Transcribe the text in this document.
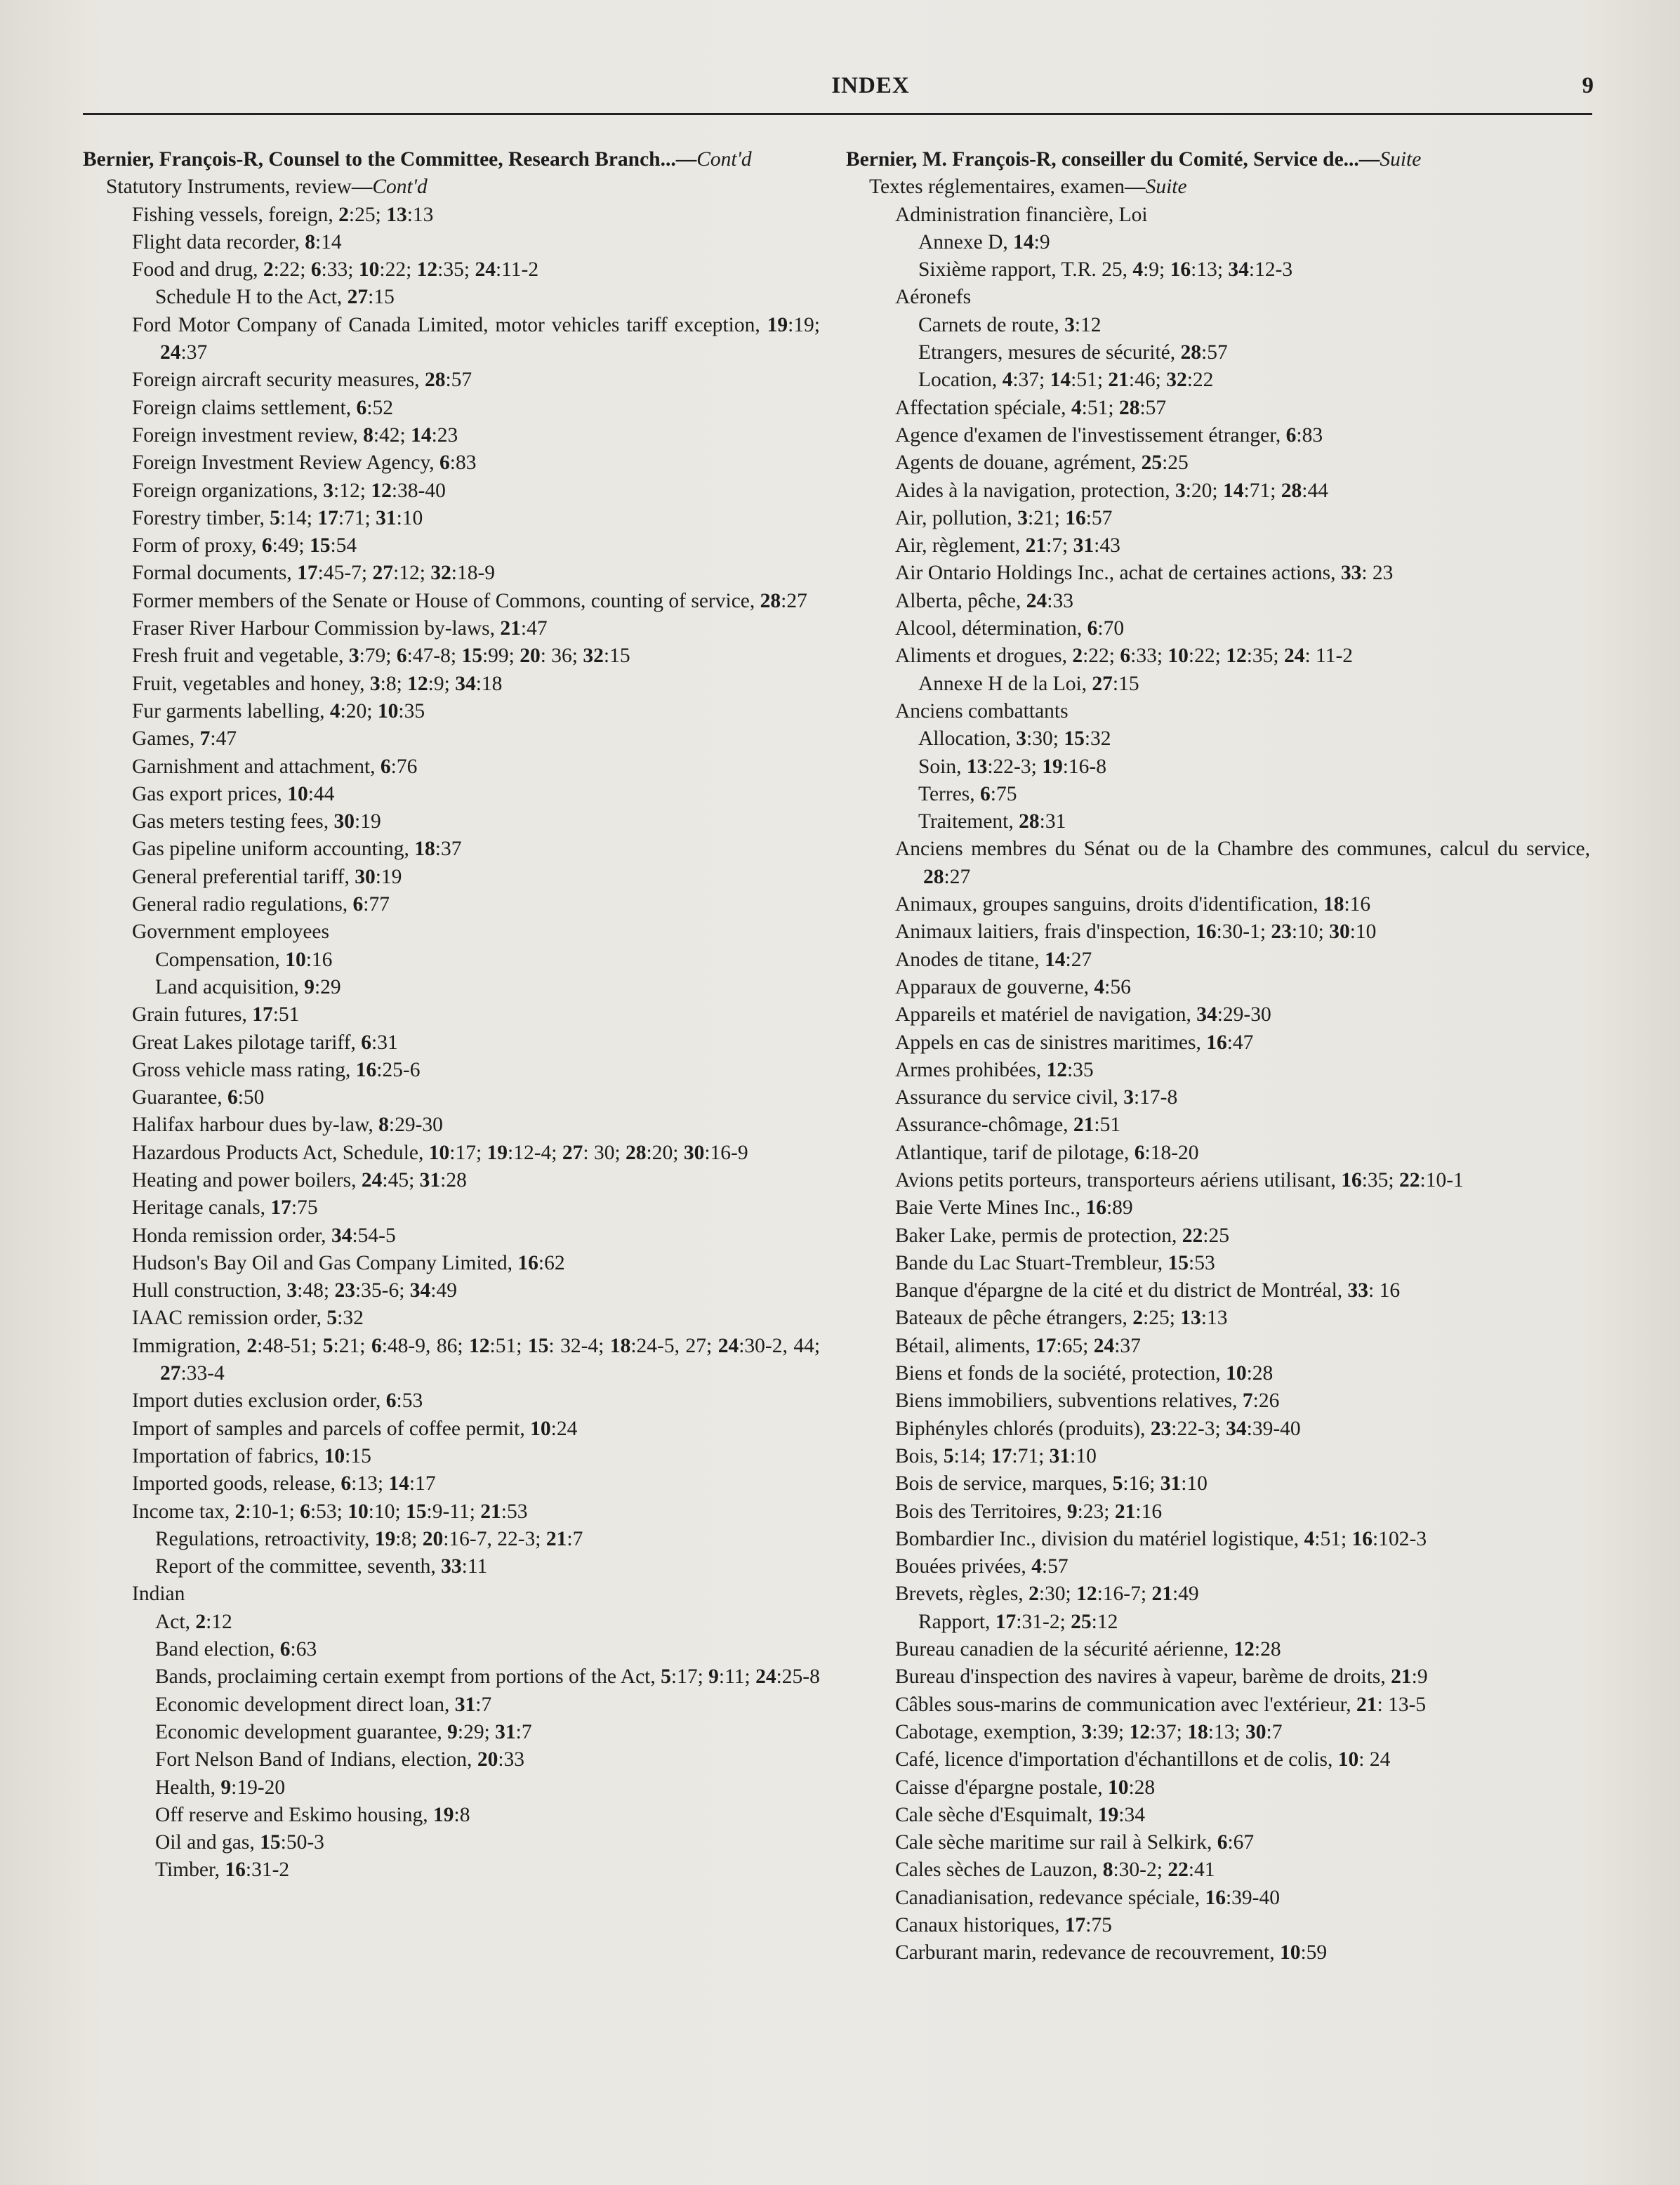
INDEX	9
Bernier, François-R, Counsel to the Committee, Research Branch...—Cont'd
Statutory Instruments, review—Cont'd
Fishing vessels, foreign, 2:25; 13:13
Flight data recorder, 8:14
Food and drug, 2:22; 6:33; 10:22; 12:35; 24:11-2
Schedule H to the Act, 27:15
Ford Motor Company of Canada Limited, motor vehicles tariff exception, 19:19; 24:37
Foreign aircraft security measures, 28:57
Foreign claims settlement, 6:52
Foreign investment review, 8:42; 14:23
Foreign Investment Review Agency, 6:83
Foreign organizations, 3:12; 12:38-40
Forestry timber, 5:14; 17:71; 31:10
Form of proxy, 6:49; 15:54
Formal documents, 17:45-7; 27:12; 32:18-9
Former members of the Senate or House of Commons, counting of service, 28:27
Fraser River Harbour Commission by-laws, 21:47
Fresh fruit and vegetable, 3:79; 6:47-8; 15:99; 20: 36; 32:15
Fruit, vegetables and honey, 3:8; 12:9; 34:18
Fur garments labelling, 4:20; 10:35
Games, 7:47
Garnishment and attachment, 6:76
Gas export prices, 10:44
Gas meters testing fees, 30:19
Gas pipeline uniform accounting, 18:37
General preferential tariff, 30:19
General radio regulations, 6:77
Government employees
Compensation, 10:16
Land acquisition, 9:29
Grain futures, 17:51
Great Lakes pilotage tariff, 6:31
Gross vehicle mass rating, 16:25-6
Guarantee, 6:50
Halifax harbour dues by-law, 8:29-30
Hazardous Products Act, Schedule, 10:17; 19:12-4; 27: 30; 28:20; 30:16-9
Heating and power boilers, 24:45; 31:28
Heritage canals, 17:75
Honda remission order, 34:54-5
Hudson's Bay Oil and Gas Company Limited, 16:62
Hull construction, 3:48; 23:35-6; 34:49
IAAC remission order, 5:32
Immigration, 2:48-51; 5:21; 6:48-9, 86; 12:51; 15: 32-4; 18:24-5, 27; 24:30-2, 44; 27:33-4
Import duties exclusion order, 6:53
Import of samples and parcels of coffee permit, 10:24
Importation of fabrics, 10:15
Imported goods, release, 6:13; 14:17
Income tax, 2:10-1; 6:53; 10:10; 15:9-11; 21:53
Regulations, retroactivity, 19:8; 20:16-7, 22-3; 21:7
Report of the committee, seventh, 33:11
Indian
Act, 2:12
Band election, 6:63
Bands, proclaiming certain exempt from portions of the Act, 5:17; 9:11; 24:25-8
Economic development direct loan, 31:7
Economic development guarantee, 9:29; 31:7
Fort Nelson Band of Indians, election, 20:33
Health, 9:19-20
Off reserve and Eskimo housing, 19:8
Oil and gas, 15:50-3
Timber, 16:31-2
Bernier, M. François-R, conseiller du Comité, Service de...—Suite
Textes réglementaires, examen—Suite
Administration financière, Loi
Annexe D, 14:9
Sixième rapport, T.R. 25, 4:9; 16:13; 34:12-3
Aéronefs
Carnets de route, 3:12
Etrangers, mesures de sécurité, 28:57
Location, 4:37; 14:51; 21:46; 32:22
Affectation spéciale, 4:51; 28:57
Agence d'examen de l'investissement étranger, 6:83
Agents de douane, agrément, 25:25
Aides à la navigation, protection, 3:20; 14:71; 28:44
Air, pollution, 3:21; 16:57
Air, règlement, 21:7; 31:43
Air Ontario Holdings Inc., achat de certaines actions, 33: 23
Alberta, pêche, 24:33
Alcool, détermination, 6:70
Aliments et drogues, 2:22; 6:33; 10:22; 12:35; 24: 11-2
Annexe H de la Loi, 27:15
Anciens combattants
Allocation, 3:30; 15:32
Soin, 13:22-3; 19:16-8
Terres, 6:75
Traitement, 28:31
Anciens membres du Sénat ou de la Chambre des communes, calcul du service, 28:27
Animaux, groupes sanguins, droits d'identification, 18:16
Animaux laitiers, frais d'inspection, 16:30-1; 23:10; 30:10
Anodes de titane, 14:27
Apparaux de gouverne, 4:56
Appareils et matériel de navigation, 34:29-30
Appels en cas de sinistres maritimes, 16:47
Armes prohibées, 12:35
Assurance du service civil, 3:17-8
Assurance-chômage, 21:51
Atlantique, tarif de pilotage, 6:18-20
Avions petits porteurs, transporteurs aériens utilisant, 16:35; 22:10-1
Baie Verte Mines Inc., 16:89
Baker Lake, permis de protection, 22:25
Bande du Lac Stuart-Trembleur, 15:53
Banque d'épargne de la cité et du district de Montréal, 33: 16
Bateaux de pêche étrangers, 2:25; 13:13
Bétail, aliments, 17:65; 24:37
Biens et fonds de la société, protection, 10:28
Biens immobiliers, subventions relatives, 7:26
Biphényles chlorés (produits), 23:22-3; 34:39-40
Bois, 5:14; 17:71; 31:10
Bois de service, marques, 5:16; 31:10
Bois des Territoires, 9:23; 21:16
Bombardier Inc., division du matériel logistique, 4:51; 16:102-3
Bouées privées, 4:57
Brevets, règles, 2:30; 12:16-7; 21:49
Rapport, 17:31-2; 25:12
Bureau canadien de la sécurité aérienne, 12:28
Bureau d'inspection des navires à vapeur, barème de droits, 21:9
Câbles sous-marins de communication avec l'extérieur, 21: 13-5
Cabotage, exemption, 3:39; 12:37; 18:13; 30:7
Café, licence d'importation d'échantillons et de colis, 10: 24
Caisse d'épargne postale, 10:28
Cale sèche d'Esquimalt, 19:34
Cale sèche maritime sur rail à Selkirk, 6:67
Cales sèches de Lauzon, 8:30-2; 22:41
Canadianisation, redevance spéciale, 16:39-40
Canaux historiques, 17:75
Carburant marin, redevance de recouvrement, 10:59
